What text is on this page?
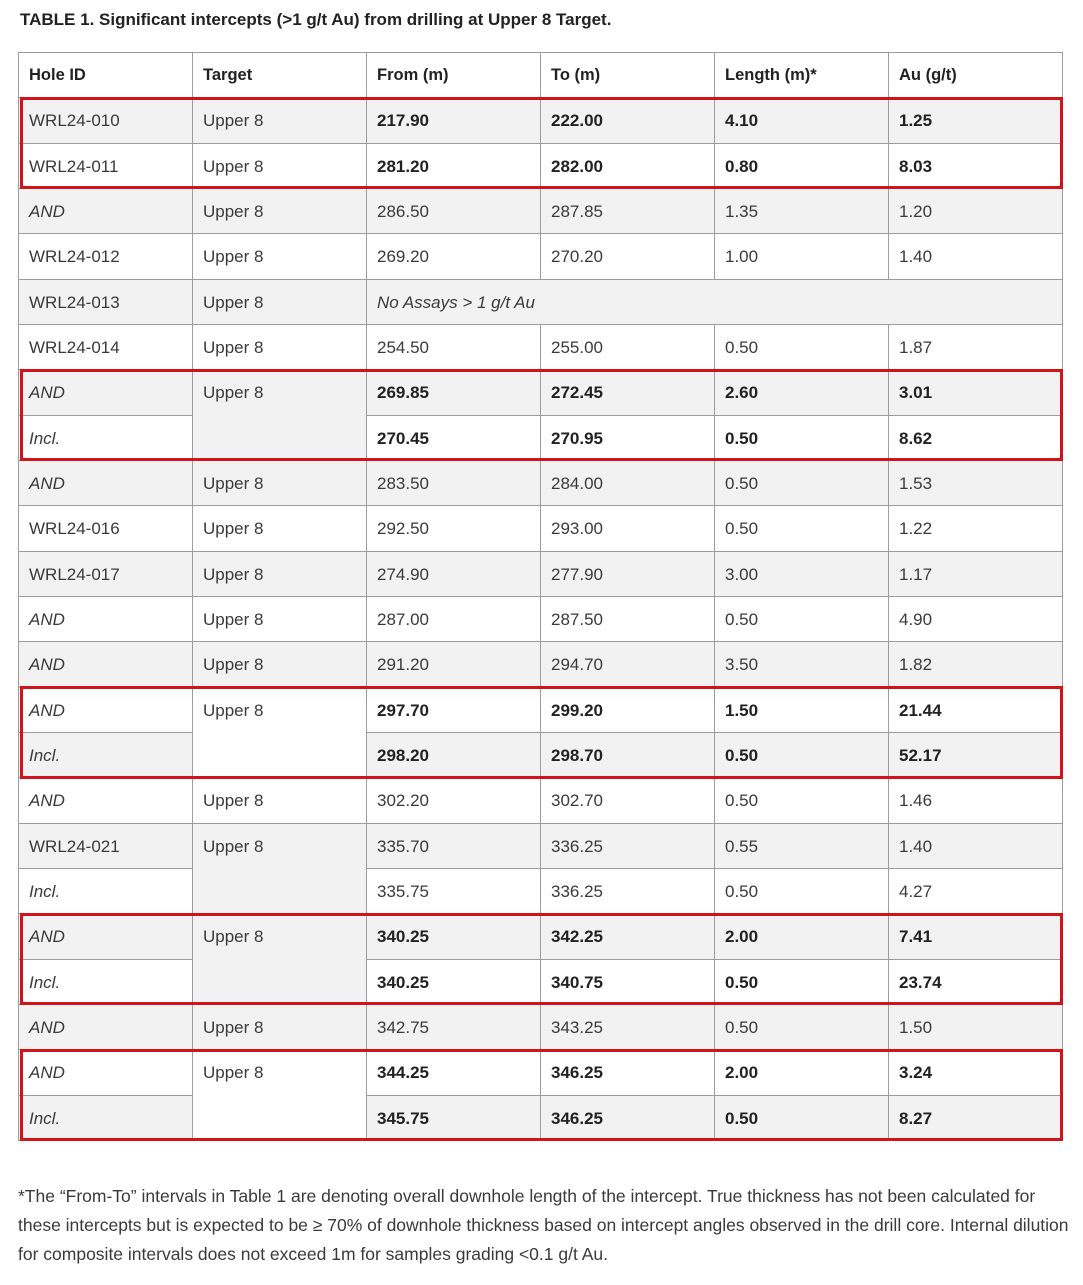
TABLE 1. Significant intercepts (>1 g/t Au) from drilling at Upper 8 Target.

Hole ID	Target	From (m)	To (m)	Length (m)*	Au (g/t)
WRL24-010	Upper 8	217.90	222.00	4.10	1.25
WRL24-011	Upper 8	281.20	282.00	0.80	8.03
AND	Upper 8	286.50	287.85	1.35	1.20
WRL24-012	Upper 8	269.20	270.20	1.00	1.40
WRL24-013	Upper 8	No Assays > 1 g/t Au			
WRL24-014	Upper 8	254.50	255.00	0.50	1.87
AND	Upper 8	269.85	272.45	2.60	3.01
Incl.		270.45	270.95	0.50	8.62
AND	Upper 8	283.50	284.00	0.50	1.53
WRL24-016	Upper 8	292.50	293.00	0.50	1.22
WRL24-017	Upper 8	274.90	277.90	3.00	1.17
AND	Upper 8	287.00	287.50	0.50	4.90
AND	Upper 8	291.20	294.70	3.50	1.82
AND	Upper 8	297.70	299.20	1.50	21.44
Incl.		298.20	298.70	0.50	52.17
AND	Upper 8	302.20	302.70	0.50	1.46
WRL24-021	Upper 8	335.70	336.25	0.55	1.40
Incl.		335.75	336.25	0.50	4.27
AND	Upper 8	340.25	342.25	2.00	7.41
Incl.		340.25	340.75	0.50	23.74
AND	Upper 8	342.75	343.25	0.50	1.50
AND	Upper 8	344.25	346.25	2.00	3.24
Incl.		345.75	346.25	0.50	8.27

*The “From-To” intervals in Table 1 are denoting overall downhole length of the intercept. True thickness has not been calculated for these intercepts but is expected to be ≥ 70% of downhole thickness based on intercept angles observed in the drill core. Internal dilution for composite intervals does not exceed 1m for samples grading <0.1 g/t Au.
